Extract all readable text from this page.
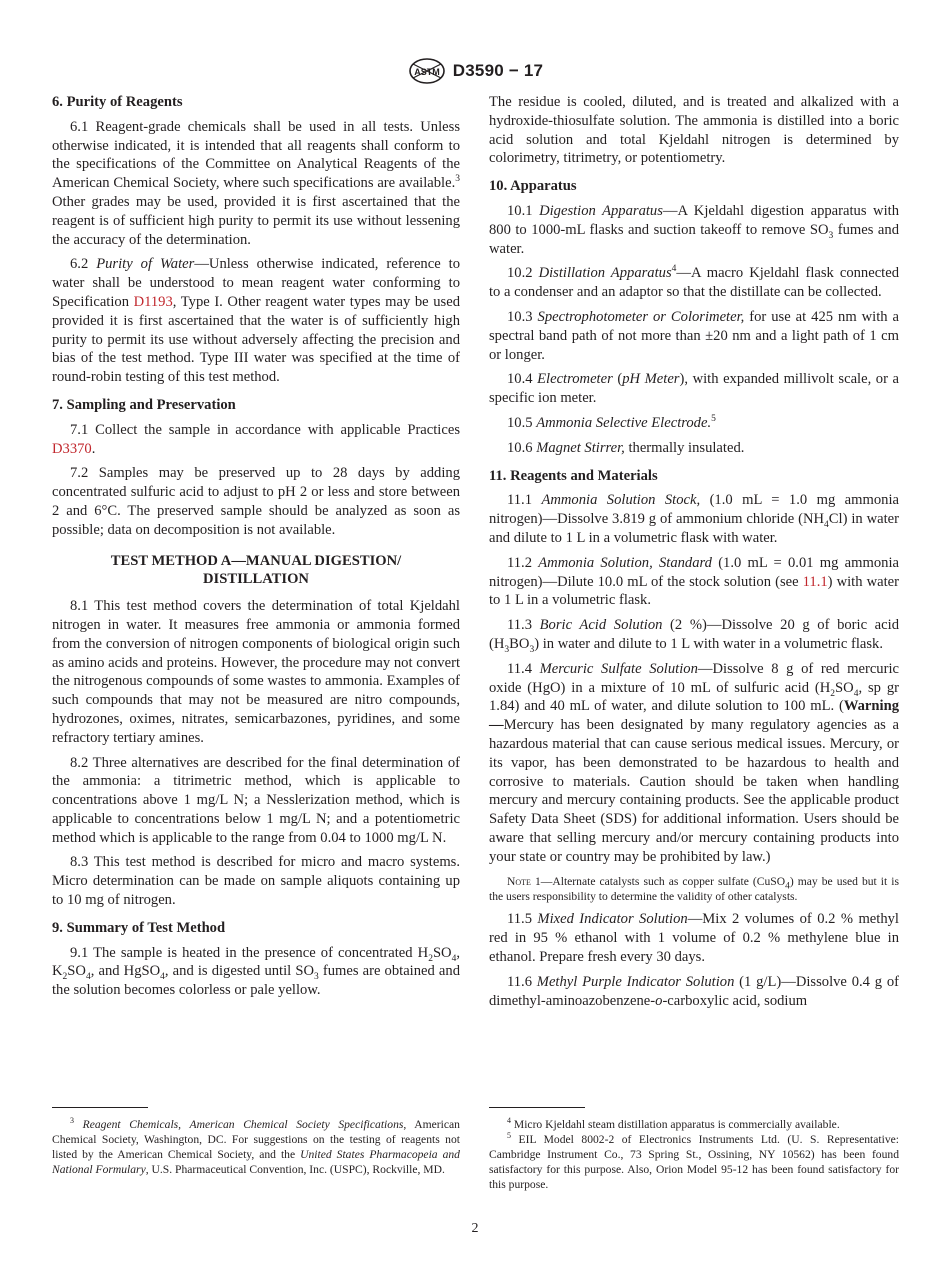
ASTM D3590 − 17
6. Purity of Reagents

6.1 Reagent-grade chemicals shall be used in all tests. Unless otherwise indicated, it is intended that all reagents shall conform to the specifications of the Committee on Analytical Reagents of the American Chemical Society, where such specifications are available.$^3$ Other grades may be used, provided it is first ascertained that the reagent is of sufficient high purity to permit its use without lessening the accuracy of the determination.

6.2 Purity of Water—Unless otherwise indicated, reference to water shall be understood to mean reagent water conforming to Specification D1193, Type I. Other reagent water types may be used provided it is first ascertained that the water is of sufficiently high purity to permit its use without adversely affecting the precision and bias of the test method. Type III water was specified at the time of round-robin testing of this test method.

7. Sampling and Preservation

7.1 Collect the sample in accordance with applicable Practices D3370.

7.2 Samples may be preserved up to 28 days by adding concentrated sulfuric acid to adjust to pH 2 or less and store between 2 and 6°C. The preserved sample should be analyzed as soon as possible; data on decomposition is not available.

TEST METHOD A—MANUAL DIGESTION/
DISTILLATION

8.1 This test method covers the determination of total Kjeldahl nitrogen in water. It measures free ammonia or ammonia formed from the conversion of nitrogen components of biological origin such as amino acids and proteins. However, the procedure may not convert the nitrogenous compounds of some wastes to ammonia. Examples of such compounds that may not be measured are nitro compounds, hydrozones, oximes, nitrates, semicarbazones, pyridines, and some refractory tertiary amines.

8.2 Three alternatives are described for the final determination of the ammonia: a titrimetric method, which is applicable to concentrations above 1 mg/L N; a Nesslerization method, which is applicable to concentrations below 1 mg/L N; and a potentiometric method which is applicable to the range from 0.04 to 1000 mg/L N.

8.3 This test method is described for micro and macro systems. Micro determination can be made on sample aliquots containing up to 10 mg of nitrogen.

9. Summary of Test Method

9.1 The sample is heated in the presence of concentrated $H_2SO_4$, $K_2SO_4$, and HgSO$_4$, and is digested until $SO_3$ fumes are obtained and the solution becomes colorless or pale yellow.

The residue is cooled, diluted, and is treated and alkalized with a hydroxide-thiosulfate solution. The ammonia is distilled into a boric acid solution and total Kjeldahl nitrogen is determined by colorimetry, titrimetry, or potentiometry.

10. Apparatus

10.1 Digestion Apparatus—A Kjeldahl digestion apparatus with 800 to 1000-mL flasks and suction takeoff to remove $SO_3$ fumes and water.

10.2 Distillation Apparatus$^4$—A macro Kjeldahl flask connected to a condenser and an adaptor so that the distillate can be collected.

10.3 Spectrophotometer or Colorimeter, for use at 425 nm with a spectral band path of not more than ±20 nm and a light path of 1 cm or longer.

10.4 Electrometer (pH Meter), with expanded millivolt scale, or a specific ion meter.

10.5 Ammonia Selective Electrode.$^5$

10.6 Magnet Stirrer, thermally insulated.

11. Reagents and Materials

11.1 Ammonia Solution Stock, (1.0 mL = 1.0 mg ammonia nitrogen)—Dissolve 3.819 g of ammonium chloride $(NH_4Cl)$ in water and dilute to 1 L in a volumetric flask with water.

11.2 Ammonia Solution, Standard (1.0 mL = 0.01 mg ammonia nitrogen)—Dilute 10.0 mL of the stock solution (see 11.1) with water to 1 L in a volumetric flask.

11.3 Boric Acid Solution (2 %)—Dissolve 20 g of boric acid $(H_3BO_3)$ in water and dilute to 1 L with water in a volumetric flask.

11.4 Mercuric Sulfate Solution—Dissolve 8 g of red mercuric oxide (HgO) in a mixture of 10 mL of sulfuric acid ($H_2SO_4$, sp gr 1.84) and 40 mL of water, and dilute solution to 100 mL. (Warning—Mercury has been designated by many regulatory agencies as a hazardous material that can cause serious medical issues. Mercury, or its vapor, has been demonstrated to be hazardous to health and corrosive to materials. Caution should be taken when handling mercury and mercury containing products. See the applicable product Safety Data Sheet (SDS) for additional information. Users should be aware that selling mercury and/or mercury containing products into your state or country may be prohibited by law.)

Note 1—Alternate catalysts such as copper sulfate (CuSO$_4$) may be used but it is the users responsibility to determine the validity of other catalysts.

11.5 Mixed Indicator Solution—Mix 2 volumes of 0.2 % methyl red in 95 % ethanol with 1 volume of 0.2 % methylene blue in ethanol. Prepare fresh every 30 days.

11.6 Methyl Purple Indicator Solution (1 g/L)—Dissolve 0.4 g of dimethyl-aminoazobenzene-o-carboxylic acid, sodium

$^3$ Reagent Chemicals, American Chemical Society Specifications, American Chemical Society, Washington, DC. For suggestions on the testing of reagents not listed by the American Chemical Society, and the United States Pharmacopeia and National Formulary, U.S. Pharmaceutical Convention, Inc. (USPC), Rockville, MD.

$^4$ Micro Kjeldahl steam distillation apparatus is commercially available.

$^5$ EIL Model 8002-2 of Electronics Instruments Ltd. (U. S. Representative: Cambridge Instrument Co., 73 Spring St., Ossining, NY 10562) has been found satisfactory for this purpose. Also, Orion Model 95-12 has been found satisfactory for this purpose.

2
